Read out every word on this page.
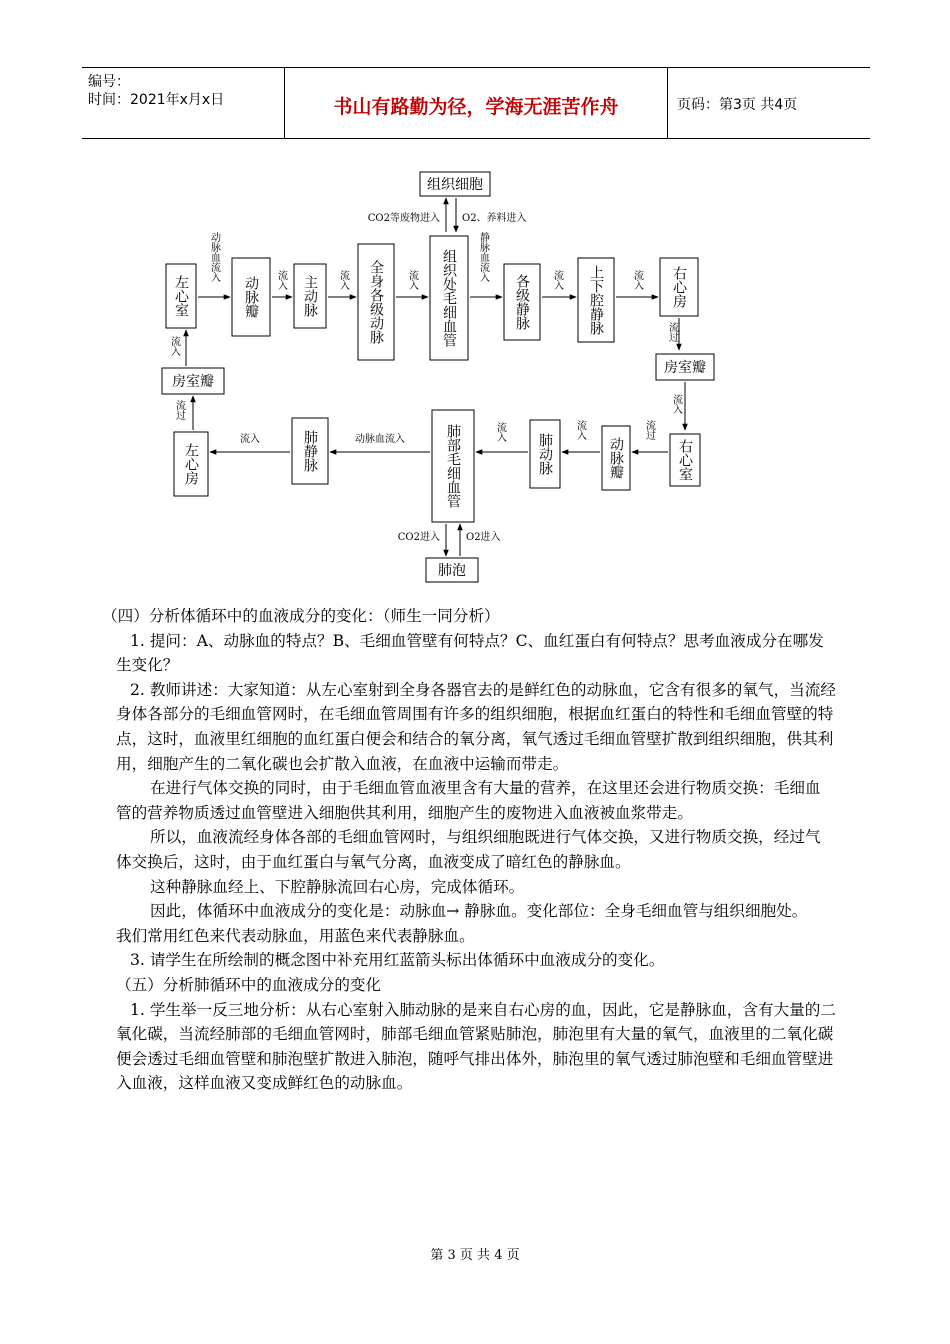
编号：
时间：2021年x月x日	书山有路勤为径，学海无涯苦作舟	页码：第3页 共4页
组织细胞
CO2等废物进入 O2、养料进入
左心室	动脉瓣	主动脉	全身各级动脉	组织处毛细血管	各级静脉	上下腔静脉	右心房
动脉血流入	流入	流入	流入	静脉血流入	流入	流入
流过
房室瓣
流入
右心室
动脉瓣
肺动脉
肺部毛细血管
肺静脉
左心房
流过
流入
流入
动脉血流入
流入
流过
房室瓣
流入
CO2进入	O2进入
肺泡

（四）分析体循环中的血液成分的变化：（师生一同分析）

1. 提问：A、动脉血的特点？B、毛细血管壁有何特点？C、血红蛋白有何特点？思考血液成分在哪发生变化？

2. 教师讲述：大家知道：从左心室射到全身各器官去的是鲜红色的动脉血，它含有很多的氧气，当流经身体各部分的毛细血管网时，在毛细血管周围有许多的组织细胞，根据血红蛋白的特性和毛细血管壁的特点，这时，血液里红细胞的血红蛋白便会和结合的氧分离，氧气透过毛细血管壁扩散到组织细胞，供其利用，细胞产生的二氧化碳也会扩散入血液，在血液中运输而带走。

在进行气体交换的同时，由于毛细血管血液里含有大量的营养，在这里还会进行物质交换：毛细血管的营养物质透过血管壁进入细胞供其利用，细胞产生的废物进入血液被血浆带走。

所以，血液流经身体各部的毛细血管网时，与组织细胞既进行气体交换，又进行物质交换，经过气体交换后，这时，由于血红蛋白与氧气分离，血液变成了暗红色的静脉血。

这种静脉血经上、下腔静脉流回右心房，完成体循环。

因此，体循环中血液成分的变化是：动脉血→ 静脉血。变化部位：全身毛细血管与组织细胞处。

我们常用红色来代表动脉血，用蓝色来代表静脉血。

3. 请学生在所绘制的概念图中补充用红蓝箭头标出体循环中血液成分的变化。

（五）分析肺循环中的血液成分的变化

1. 学生举一反三地分析：从右心室射入肺动脉的是来自右心房的血，因此，它是静脉血，含有大量的二氧化碳，当流经肺部的毛细血管网时，肺部毛细血管紧贴肺泡，肺泡里有大量的氧气，血液里的二氧化碳便会透过毛细血管壁和肺泡壁扩散进入肺泡，随呼气排出体外，肺泡里的氧气透过肺泡壁和毛细血管壁进入血液，这样血液又变成鲜红色的动脉血。

第 3 页 共 4 页
